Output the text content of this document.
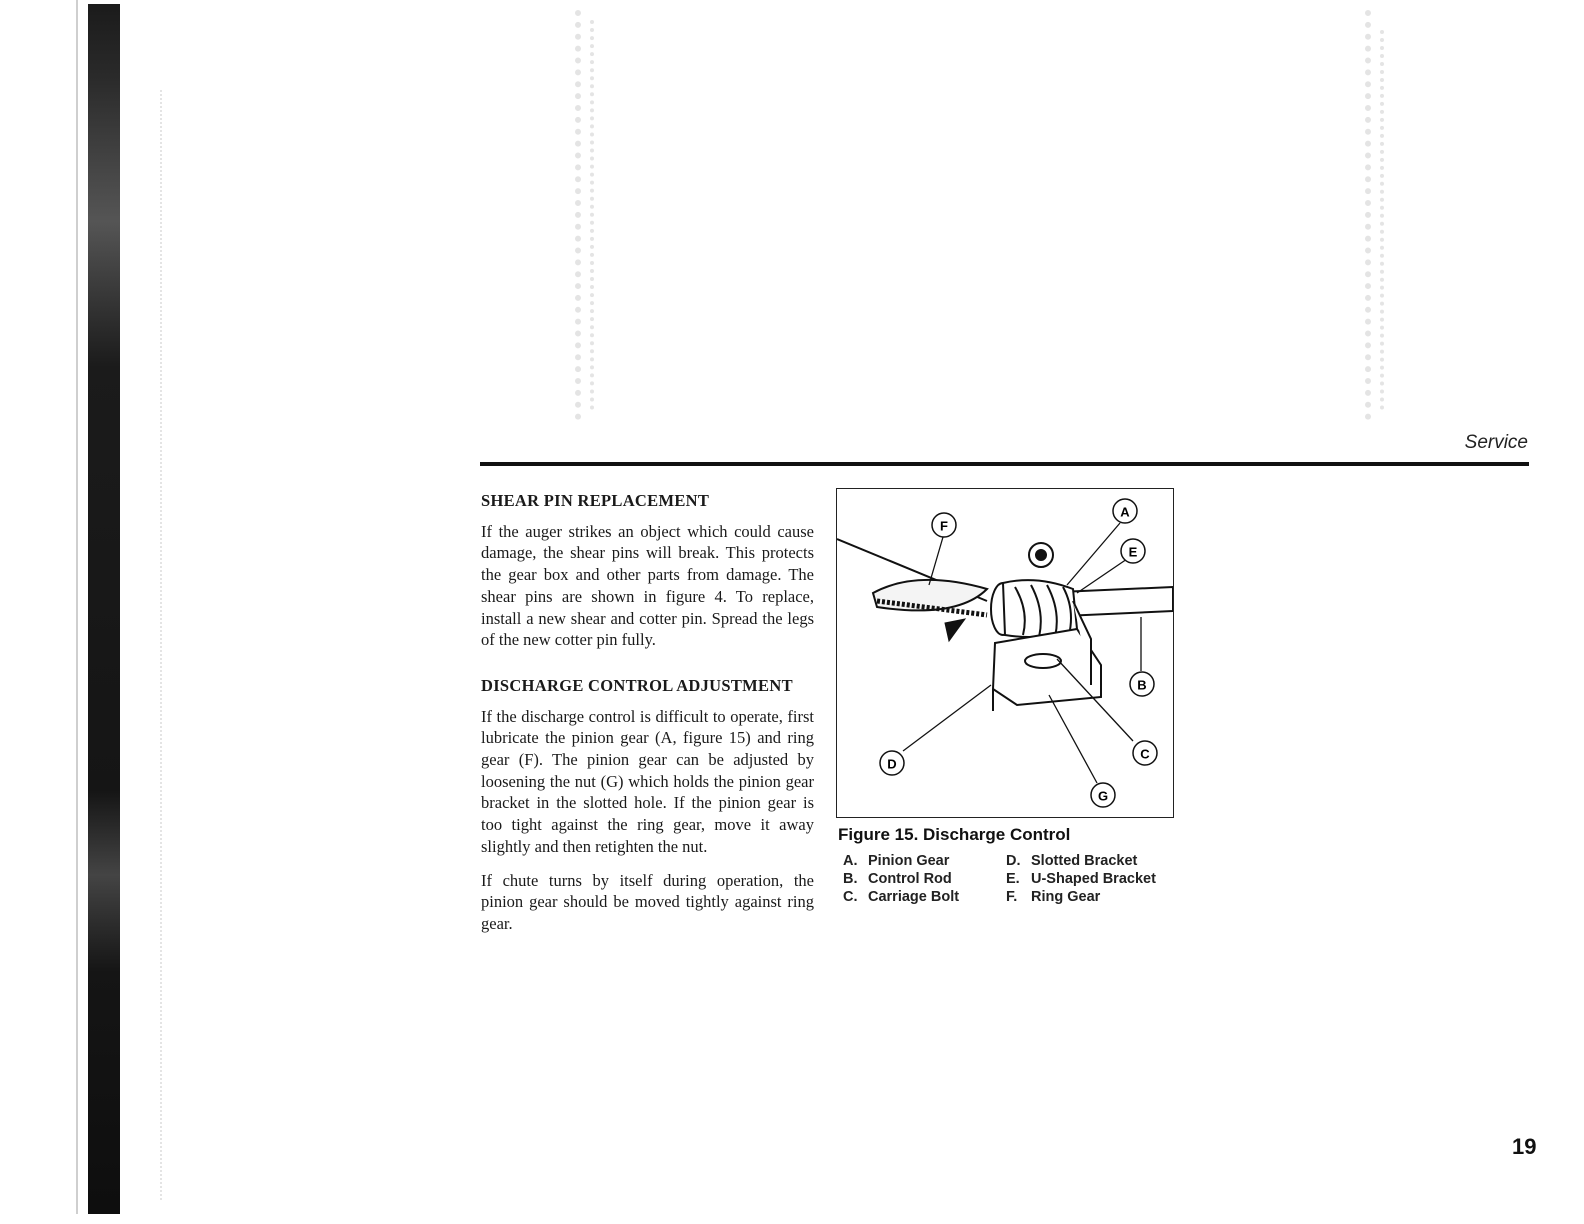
Service
SHEAR PIN REPLACEMENT

If the auger strikes an object which could cause damage, the shear pins will break. This protects the gear box and other parts from damage. The shear pins are shown in figure 4. To replace, install a new shear and cotter pin. Spread the legs of the new cotter pin fully.

DISCHARGE CONTROL ADJUSTMENT

If the discharge control is difficult to operate, first lubricate the pinion gear (A, figure 15) and ring gear (F). The pinion gear can be adjusted by loosening the nut (G) which holds the pinion gear bracket in the slotted hole. If the pinion gear is too tight against the ring gear, move it away slightly and then retighten the nut.

If chute turns by itself during operation, the pinion gear should be moved tightly against ring gear.

F
A
E
B
C
D
G
Figure 15. Discharge Control
A. Pinion Gear	D. Slotted Bracket
B. Control Rod	E. U-Shaped Bracket
C. Carriage Bolt	F. Ring Gear
19
